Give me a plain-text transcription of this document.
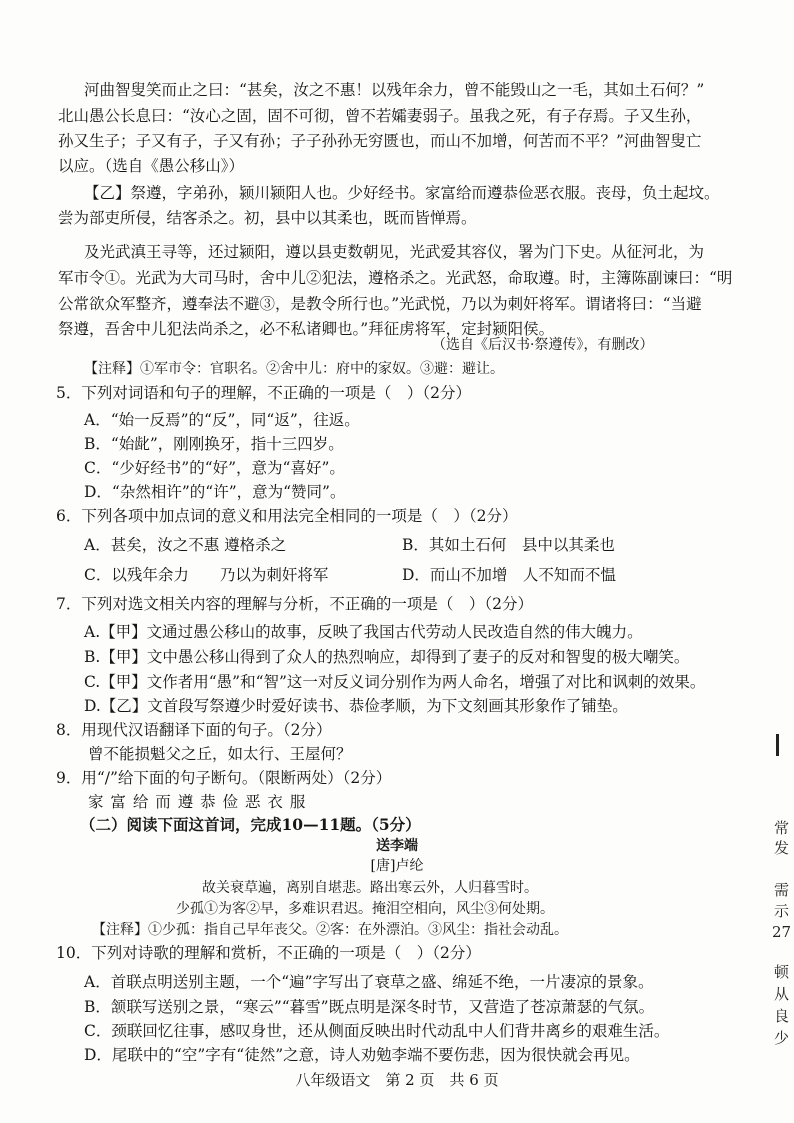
河曲智叟笑而止之曰：“甚矣，汝之不惠！以残年余力，曾不能毁山之一毛，其如土石何？”
北山愚公长息曰：“汝心之固，固不可彻，曾不若孀妻弱子。虽我之死，有子存焉。子又生孙，
孙又生子；子又有子，子又有孙；子子孙孙无穷匮也，而山不加增，何苦而不平？”河曲智叟亡
以应。（选自《愚公移山》）
【乙】祭遵，字弟孙，颍川颍阳人也。少好经书。家富给而遵恭俭恶衣服。丧母，负土起坟。
尝为部吏所侵，结客杀之。初，县中以其柔也，既而皆惮焉。
及光武滇王寻等，还过颍阳，遵以县吏数朝见，光武爱其容仪，署为门下史。从征河北，为
军市令①。光武为大司马时，舍中儿②犯法，遵格杀之。光武怒，命取遵。时，主簿陈副谏曰：“明
公常欲众军整齐，遵奉法不避③，是教令所行也。”光武悦，乃以为刺奸将军。谓诸将曰：“当避
祭遵，吾舍中儿犯法尚杀之，必不私诸卿也。”拜征虏将军，定封颍阳侯。
（选自《后汉书·祭遵传》，有删改）
【注释】①军市令：官职名。②舍中儿：府中的家奴。③避：避让。
5．下列对词语和句子的理解，不正确的一项是（　）（2分）
A．“始一反焉”的“反”，同“返”，往返。
B．“始龀”，刚刚换牙，指十三四岁。
C．“少好经书”的“好”，意为“喜好”。
D．“杂然相许”的“许”，意为“赞同”。
6．下列各项中加点词的意义和用法完全相同的一项是（　）（2分）
A．甚矣，汝之不惠 遵格杀之	B．其如土石何　县中以其柔也
C．以残年余力　　乃以为刺奸将军	D．而山不加增　人不知而不愠
7．下列对选文相关内容的理解与分析，不正确的一项是（　）（2分）
A.【甲】文通过愚公移山的故事，反映了我国古代劳动人民改造自然的伟大魄力。
B.【甲】文中愚公移山得到了众人的热烈响应，却得到了妻子的反对和智叟的极大嘲笑。
C.【甲】文作者用“愚”和“智”这一对反义词分别作为两人命名，增强了对比和讽刺的效果。
D.【乙】文首段写祭遵少时爱好读书、恭俭孝顺，为下文刻画其形象作了铺垫。
8．用现代汉语翻译下面的句子。（2分）
曾不能损魁父之丘，如太行、王屋何？
9．用“/”给下面的句子断句。（限断两处）（2分）
家 富 给 而 遵 恭 俭 恶 衣 服
（二）阅读下面这首词，完成10—11题。（5分）
送李端
[唐]卢纶
故关衰草遍，离别自堪悲。路出寒云外，人归暮雪时。
少孤①为客②早，多难识君迟。掩泪空相向，风尘③何处期。
【注释】①少孤：指自己早年丧父。②客：在外漂泊。③风尘：指社会动乱。
10．下列对诗歌的理解和赏析，不正确的一项是（　）（2分）
A．首联点明送别主题，一个“遍”字写出了衰草之盛、绵延不绝，一片凄凉的景象。
B．颔联写送别之景，“寒云”“暮雪”既点明是深冬时节，又营造了苍凉萧瑟的气氛。
C．颈联回忆往事，感叹身世，还从侧面反映出时代动乱中人们背井离乡的艰难生活。
D．尾联中的“空”字有“徒然”之意，诗人劝勉李端不要伤悲，因为很快就会再见。
常
发
需
示
27
顿
从
良
少
八年级语文　第 2 页　共 6 页
